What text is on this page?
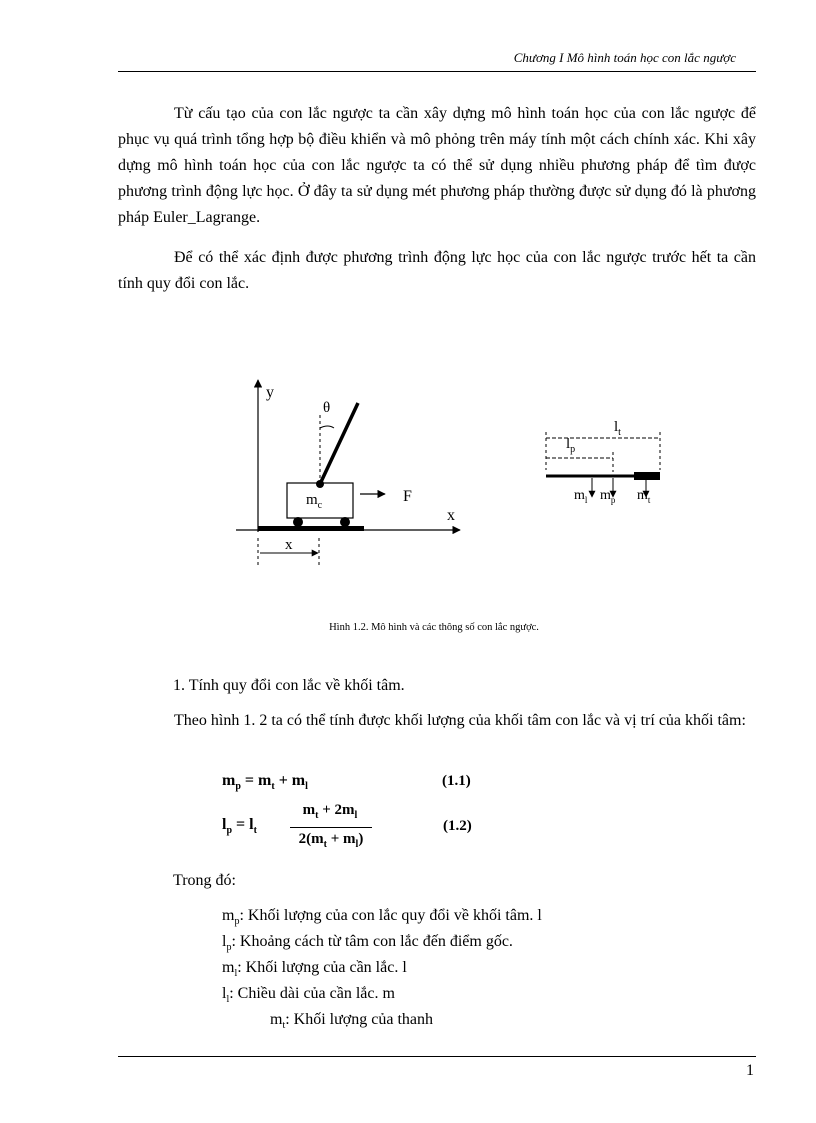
Chương I Mô hình toán học con lắc ngược

Từ cấu tạo của con lắc ngược ta cần xây dựng mô hình toán học của con lắc ngược để phục vụ quá trình tổng hợp bộ điều khiển và mô phỏng trên máy tính một cách chính xác. Khi xây dựng mô hình toán học của con lắc ngược ta có thể sử dụng nhiều phương pháp để tìm được phương trình động lực học. Ở đây ta sử dụng mét phương pháp thường được sử dụng đó là phương pháp Euler_Lagrange.

Để có thể xác định được phương trình động lực học của con lắc ngược trước hết ta cần tính quy đổi con lắc.

y
x
θ
$m_c$
F
x
$l_t$
$l_p$
$m_l$ $m_p$ $m_t$
Hình 1.2. Mô hình và các thông số con lắc ngược.
1. Tính quy đổi con lắc về khối tâm.

Theo hình 1. 2 ta có thể tính được khối lượng của khối tâm con lắc và vị trí của khối tâm:

$m_p = m_t + m_l$	(1.1)
$l_p = l_t$
$m_t + 2m_l$
$2(m_t + m_l)$
(1.2)
Trong đó:
$m_p$: Khối lượng của con lắc quy đổi về khối tâm. l
$l_p$: Khoảng cách từ tâm con lắc đến điểm gốc.
$m_l$: Khối lượng của cần lắc. l
$l_l$: Chiều dài của cần lắc. m
$m_t$: Khối lượng của thanh
1
